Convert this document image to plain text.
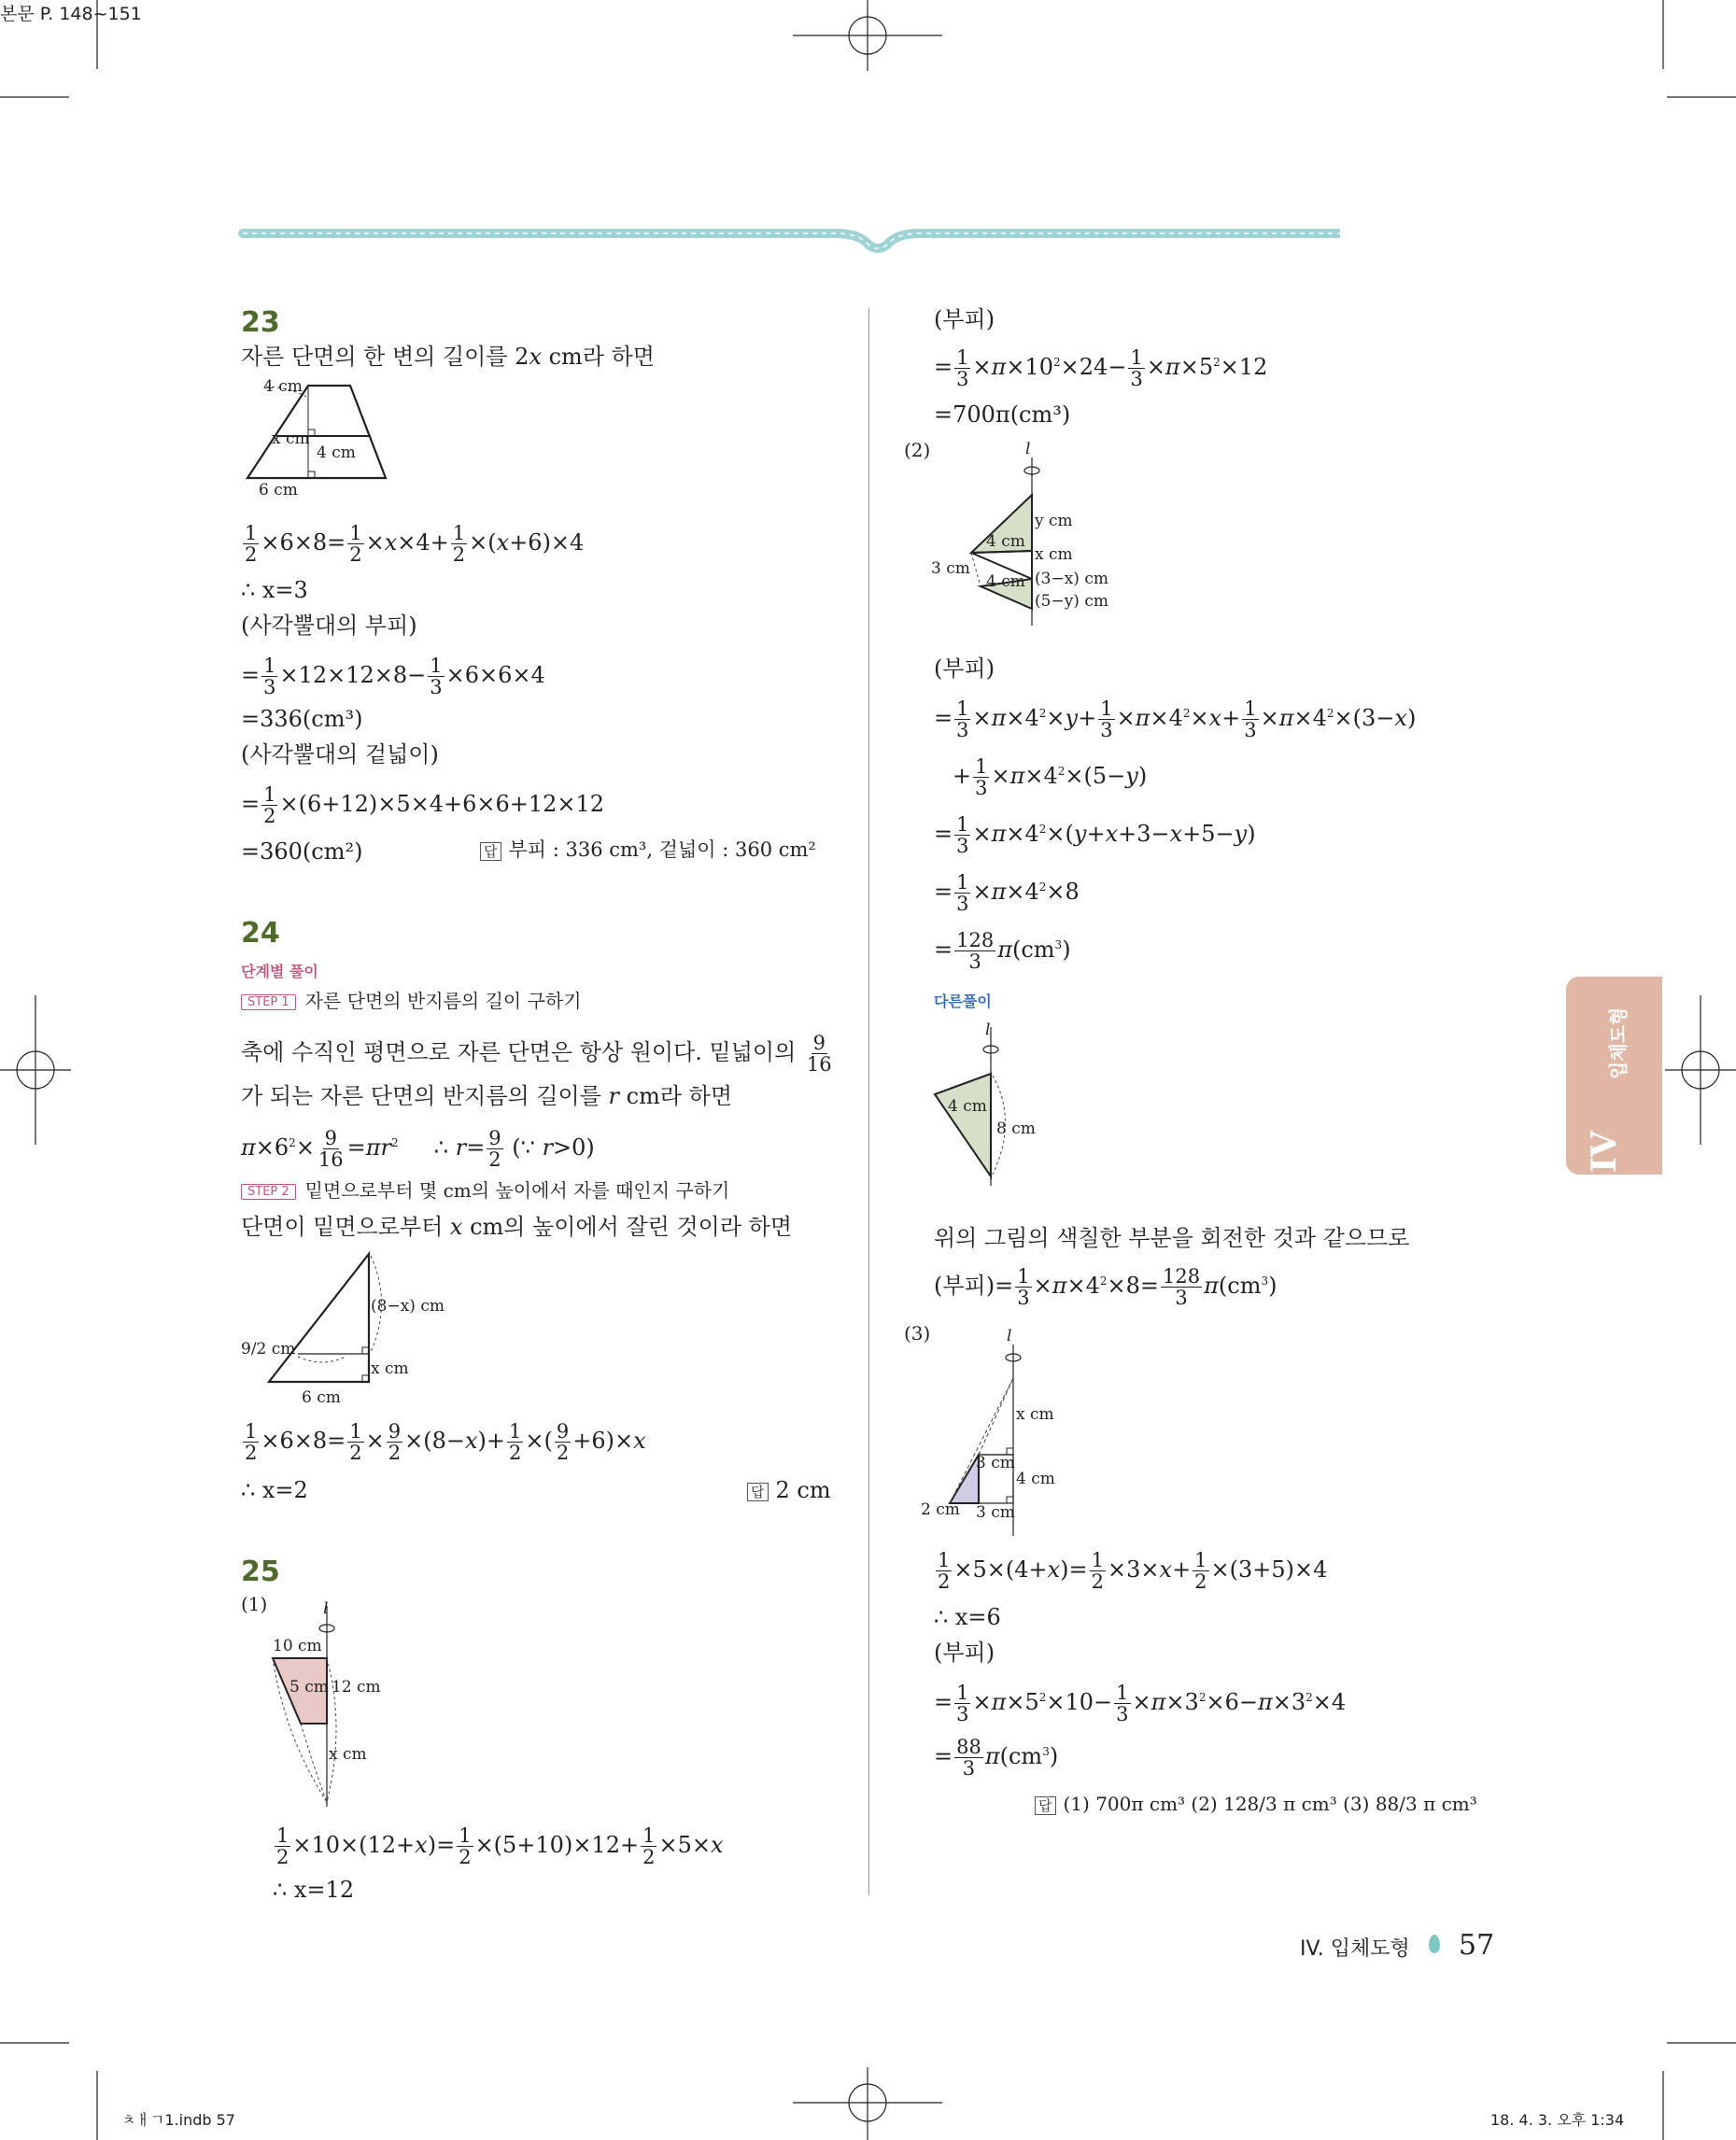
본문 P. 148~151
입체도형
IV
23
자른 단면의 한 변의 길이를 2x cm라 하면
4 cm
x cm
4 cm
6 cm
$\frac{1}{2} \times 6\times 8= \frac{1}{2} \times x\times 4+ \frac{1}{2} \times(x+6)\times 4$
∴ x=3
(사각뿔대의 부피)
= $\frac{1}{3} \times 12\times 12\times 8- \frac{1}{3} \times 6\times 6\times 4$
=336(cm³)
(사각뿔대의 겉넓이)
= $\frac{1}{2} \times(6+12)\times 5\times 4+6\times 6+12\times 12$
=360(cm²)	답 부피 : 336 cm³, 겉넓이 : 360 cm²
24
단계별 풀이
STEP 1 자른 단면의 반지름의 길이 구하기
축에 수직인 평면으로 자른 단면은 항상 원이다. 밑넓이의 $\frac{9}{16}$
가 되는 자른 단면의 반지름의 길이를 r cm라 하면
$\pi\times 6^2\times \frac{9}{16} =\pi r^2$     ∴ $r= \frac{9}{2}$ (∵ r>0)
STEP 2 밑면으로부터 몇 cm의 높이에서 자를 때인지 구하기
단면이 밑면으로부터 x cm의 높이에서 잘린 것이라 하면
(8−x) cm
9/2 cm
x cm
6 cm
$\frac{1}{2} \times 6\times 8= \frac{1}{2} \times \frac{9}{2} \times(8-x)+ \frac{1}{2}$ ×( $\frac{9}{2} +6)\times x$
∴ x=2	답 2 cm
25
(1)	l
10 cm
5 cm 12 cm
x cm
$\frac{1}{2} \times 10\times(12+x)= \frac{1}{2} \times(5+10)\times 12+ \frac{1}{2} \times 5\times x$
∴ x=12
(부피)
= $\frac{1}{3} \times\pi\times 10^2\times 24- \frac{1}{3} \times\pi\times 5^2\times 12$
=700π(cm³)
(2)	l
y cm
4 cm
x cm
3 cm
4 cm (3−x) cm
(5−y) cm
(부피)
= $\frac{1}{3} \times\pi\times 4^2\times y+ \frac{1}{3} \times\pi\times 4^2\times x+ \frac{1}{3} \times\pi\times 4^2\times(3-x)$
+ $\frac{1}{3} \times\pi\times 4^2\times(5-y)$
= $\frac{1}{3} \times\pi\times 4^2\times(y+x+3-x+5-y)$
= $\frac{1}{3} \times\pi\times 4^2\times 8$
= $\frac{128}{3} \pi(cm^3)$
다른풀이
l
4 cm
8 cm
위의 그림의 색칠한 부분을 회전한 것과 같으므로
(부피)= $\frac{1}{3} \times\pi\times 4^2\times 8= \frac{128}{3} \pi(cm^3)$
(3)	l
x cm
3 cm
4 cm
2 cm 3 cm
$\frac{1}{2} \times 5\times(4+x)= \frac{1}{2} \times 3\times x+ \frac{1}{2} \times(3+5)\times 4$
∴ x=6
(부피)
= $\frac{1}{3} \times\pi\times 5^2\times 10- \frac{1}{3} \times\pi\times 3^2\times 6-\pi\times 3^2\times 4$
= $\frac{88}{3} \pi(cm^3)$
답 (1) 700π cm³ (2) 128/3 π cm³ (3) 88/3 π cm³
IV. 입체도형 57
ㅊㅐㄱ1.indb 57	18. 4. 3. 오후 1:34
